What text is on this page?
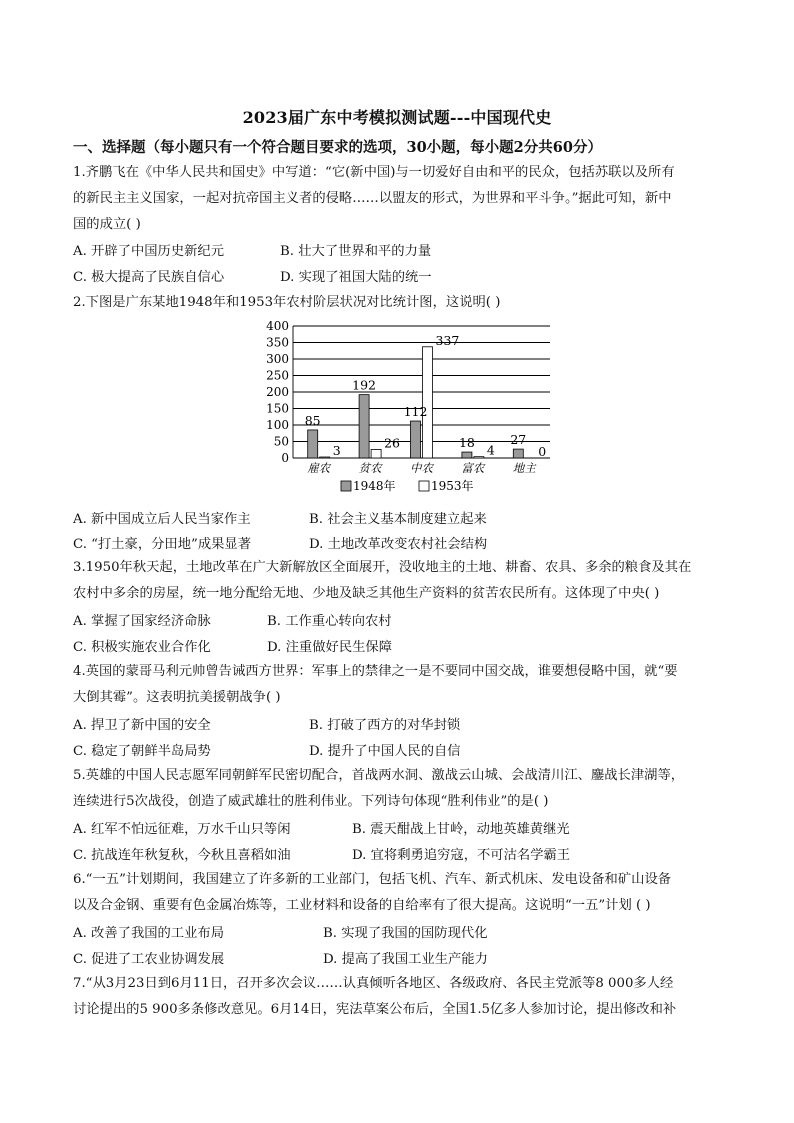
2023届广东中考模拟测试题---中国现代史
一、选择题（每小题只有一个符合题目要求的选项，30小题，每小题2分共60分）
1.齐鹏飞在《中华人民共和国史》中写道：“它(新中国)与一切爱好自由和平的民众，包括苏联以及所有
的新民主主义国家，一起对抗帝国主义者的侵略……以盟友的形式，为世界和平斗争。”据此可知，新中
国的成立( )
A. 开辟了中国历史新纪元	B. 壮大了世界和平的力量
C. 极大提高了民族自信心	D. 实现了祖国大陆的统一
2.下图是广东某地1948年和1953年农村阶层状况对比统计图，这说明( )
0
50
100
150
200
250
300
350
400
85
3
192
26
112
337
18
4
27
0
雇农 贫农 中农 富农 地主
1948年	1953年
A. 新中国成立后人民当家作主	B. 社会主义基本制度建立起来
C. “打土豪，分田地”成果显著	D. 土地改革改变农村社会结构
3.1950年秋天起，土地改革在广大新解放区全面展开，没收地主的土地、耕畜、农具、多余的粮食及其在
农村中多余的房屋，统一地分配给无地、少地及缺乏其他生产资料的贫苦农民所有。这体现了中央( )
A. 掌握了国家经济命脉	B. 工作重心转向农村
C. 积极实施农业合作化	D. 注重做好民生保障
4.英国的蒙哥马利元帅曾告诫西方世界：军事上的禁律之一是不要同中国交战，谁要想侵略中国，就“要
大倒其霉”。这表明抗美援朝战争( )
A. 捍卫了新中国的安全	B. 打破了西方的对华封锁
C. 稳定了朝鲜半岛局势	D. 提升了中国人民的自信
5.英雄的中国人民志愿军同朝鲜军民密切配合，首战两水洞、激战云山城、会战清川江、鏖战长津湖等，
连续进行5次战役，创造了威武雄壮的胜利伟业。下列诗句体现“胜利伟业”的是( )
A. 红军不怕远征难，万水千山只等闲	B. 震天酣战上甘岭，动地英雄黄继光
C. 抗战连年秋复秋，今秋且喜稻如油	D. 宜将剩勇追穷寇，不可沽名学霸王
6.“一五”计划期间，我国建立了许多新的工业部门，包括飞机、汽车、新式机床、发电设备和矿山设备
以及合金钢、重要有色金属冶炼等，工业材料和设备的自给率有了很大提高。这说明“一五”计划 ( )
A. 改善了我国的工业布局	B. 实现了我国的国防现代化
C. 促进了工农业协调发展	D. 提高了我国工业生产能力
7.“从3月23日到6月11日，召开多次会议……认真倾听各地区、各级政府、各民主党派等8 000多人经
讨论提出的5 900多条修改意见。6月14日，宪法草案公布后，全国1.5亿多人参加讨论，提出修改和补
